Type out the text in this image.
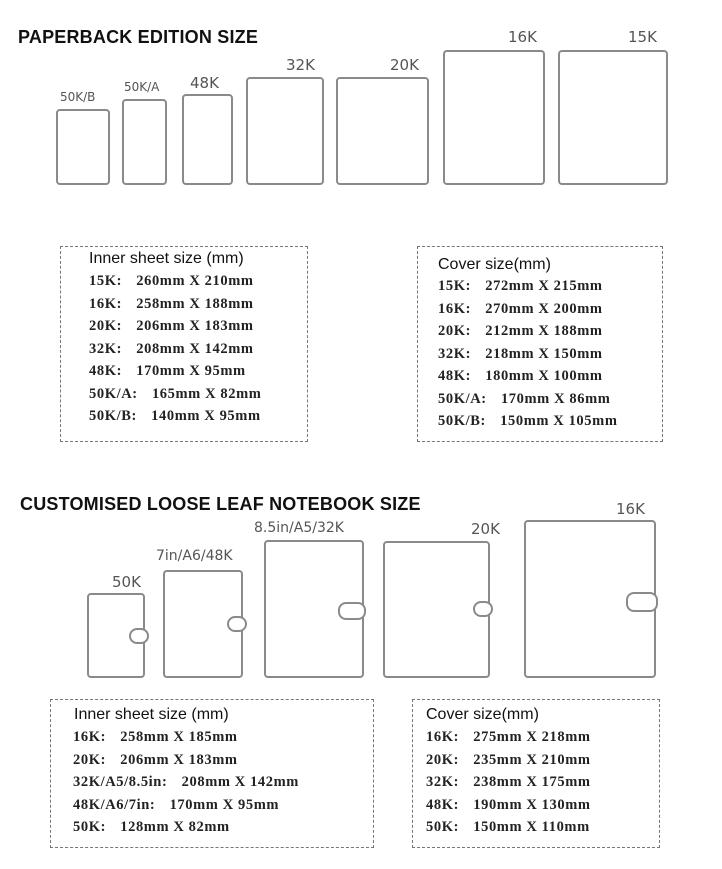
PAPERBACK EDITION SIZE
50K/B
50K/A 48K
32K	20K
16K	15K
Inner sheet size (mm)
15K: 260mm X 210mm
16K: 258mm X 188mm
20K: 206mm X 183mm
32K: 208mm X 142mm
48K: 170mm X 95mm
50K/A: 165mm X 82mm
50K/B: 140mm X 95mm
Cover size(mm)
15K: 272mm X 215mm
16K: 270mm X 200mm
20K: 212mm X 188mm
32K: 218mm X 150mm
48K: 180mm X 100mm
50K/A: 170mm X 86mm
50K/B: 150mm X 105mm
CUSTOMISED LOOSE LEAF NOTEBOOK SIZE
50K
7in/A6/48K
8.5in/A5/32K	20K
16K
Inner sheet size (mm)
16K: 258mm X 185mm
20K: 206mm X 183mm
32K/A5/8.5in: 208mm X 142mm
48K/A6/7in: 170mm X 95mm
50K: 128mm X 82mm
Cover size(mm)
16K: 275mm X 218mm
20K: 235mm X 210mm
32K: 238mm X 175mm
48K: 190mm X 130mm
50K: 150mm X 110mm
